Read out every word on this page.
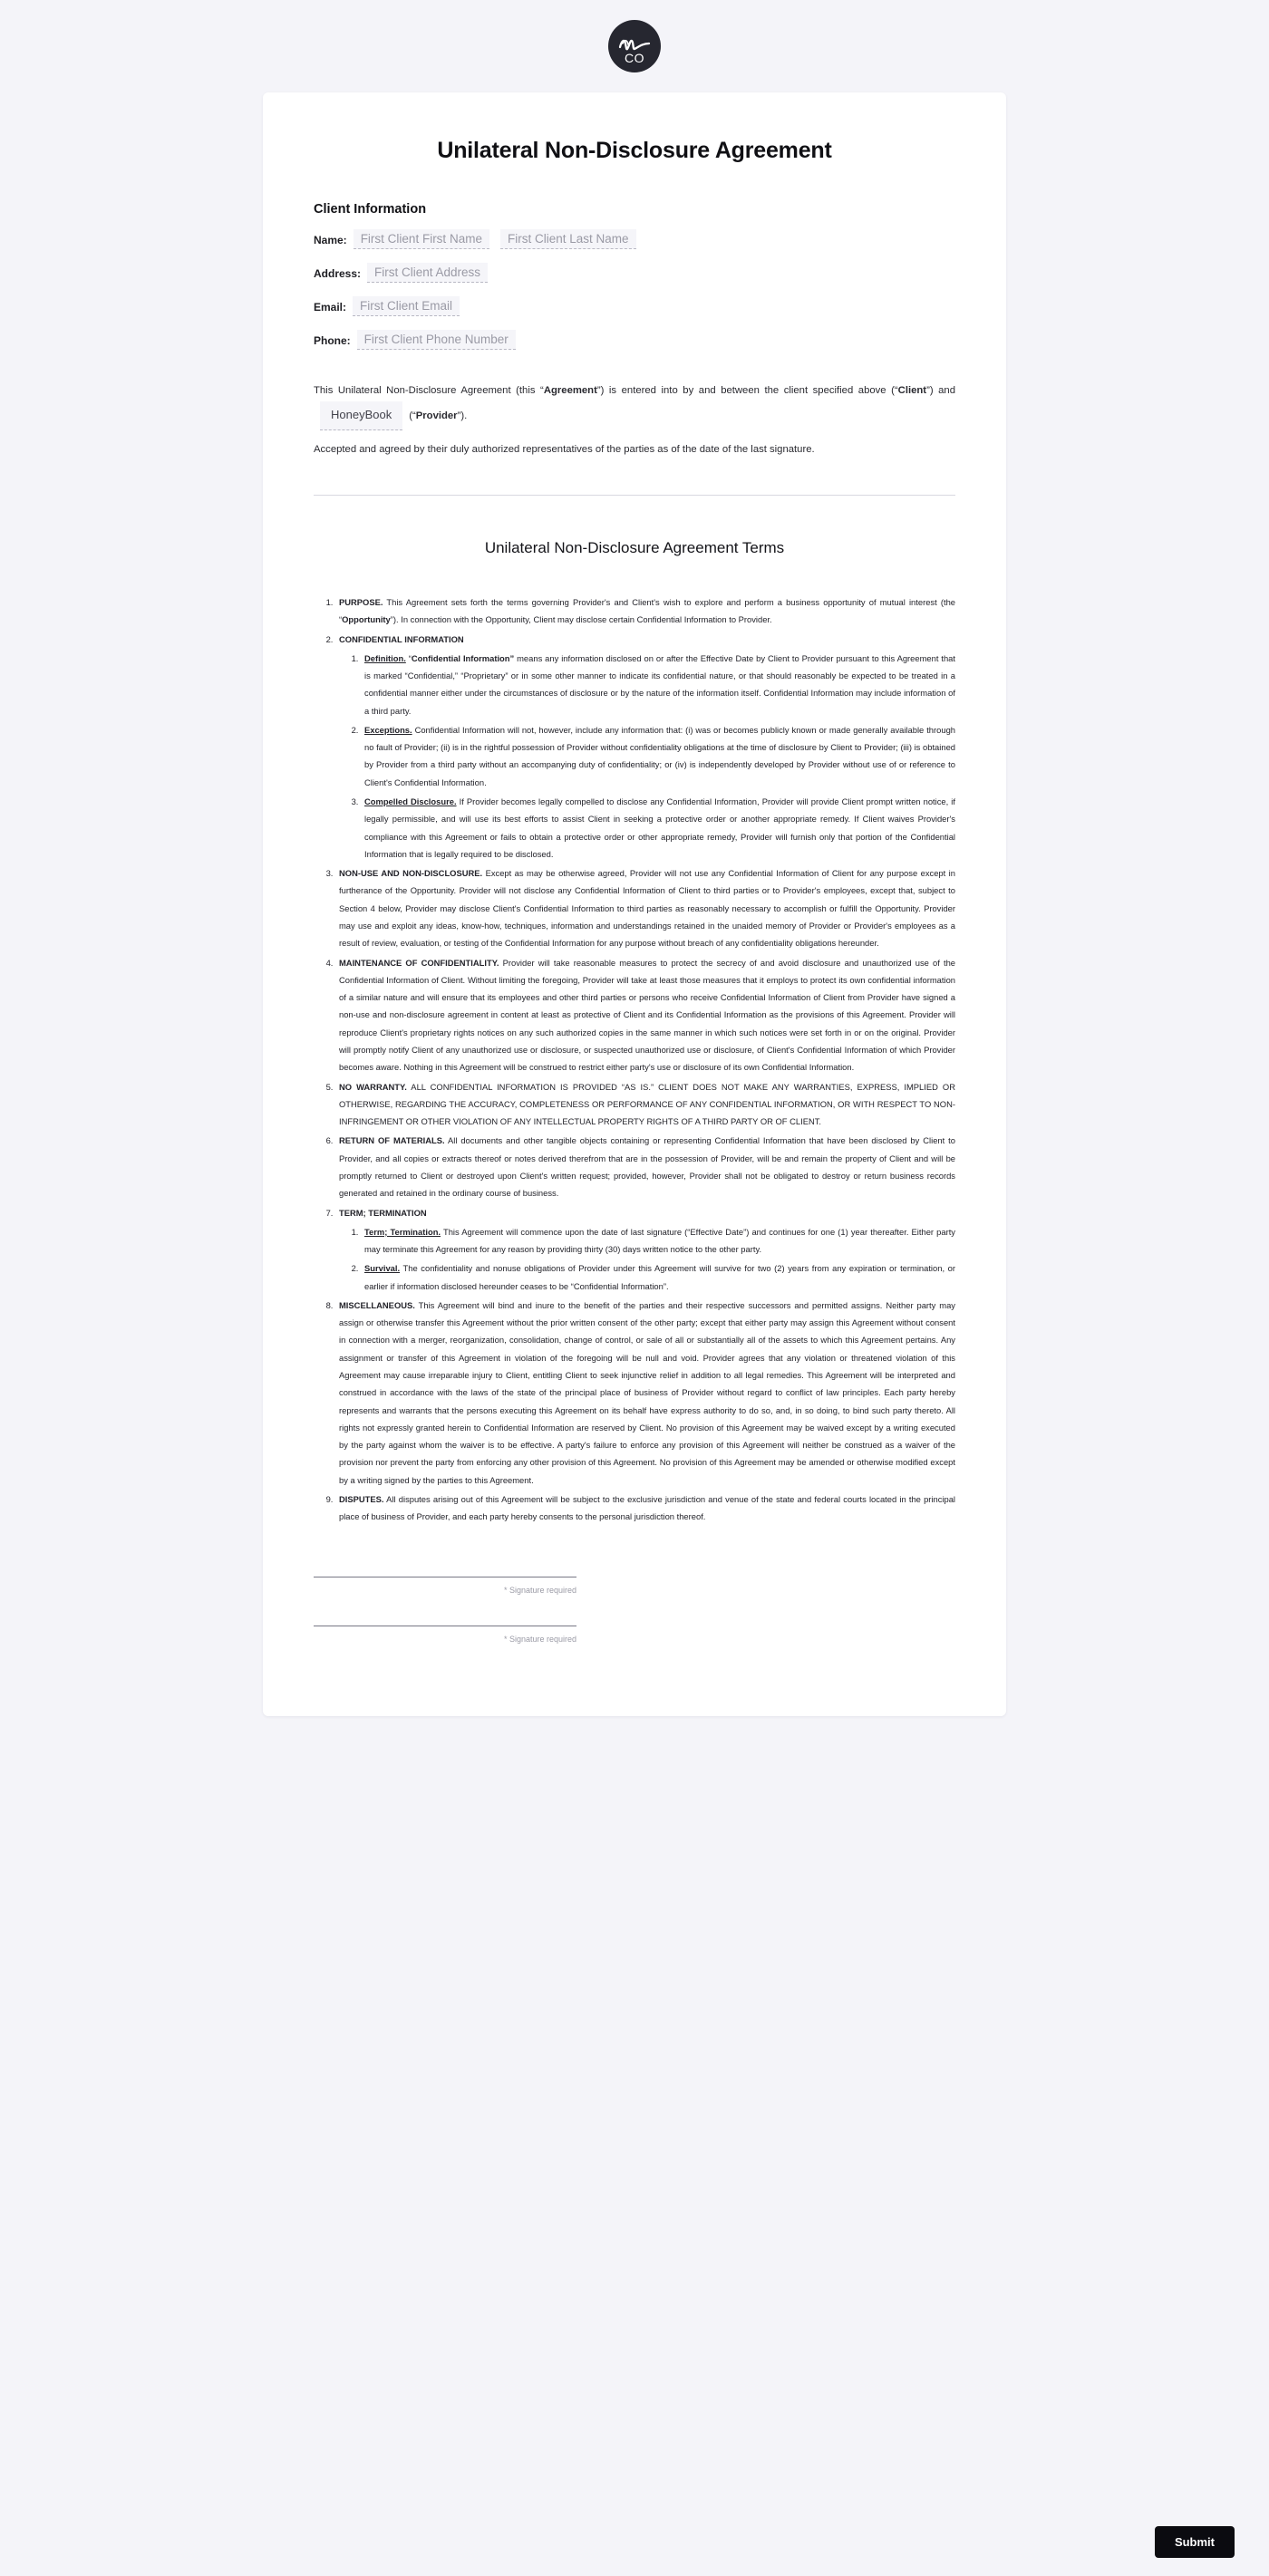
CO
Unilateral Non-Disclosure Agreement
Client Information
Name:	First Client First Name	First Client Last Name
Address:	First Client Address
Email:	First Client Email
Phone:	First Client Phone Number

This Unilateral Non-Disclosure Agreement (this “Agreement”) is entered into by and between the client specified above (“Client”) andHoneyBook (“Provider”).

Accepted and agreed by their duly authorized representatives of the parties as of the date of the last signature.

Unilateral Non-Disclosure Agreement Terms
1. PURPOSE. This Agreement sets forth the terms governing Provider's and Client's wish to explore and perform a business opportunity of mutual interest (the “Opportunity”). In connection with the Opportunity, Client may disclose certain Confidential Information to Provider.
2. CONFIDENTIAL INFORMATION
1. Definition. “Confidential Information” means any information disclosed on or after the Effective Date by Client to Provider pursuant to this Agreement that is marked “Confidential,” “Proprietary” or in some other manner to indicate its confidential nature, or that should reasonably be expected to be treated in a confidential manner either under the circumstances of disclosure or by the nature of the information itself. Confidential Information may include information of a third party.
2. Exceptions. Confidential Information will not, however, include any information that: (i) was or becomes publicly known or made generally available through no fault of Provider; (ii) is in the rightful possession of Provider without confidentiality obligations at the time of disclosure by Client to Provider; (iii) is obtained by Provider from a third party without an accompanying duty of confidentiality; or (iv) is independently developed by Provider without use of or reference to Client's Confidential Information.
3. Compelled Disclosure. If Provider becomes legally compelled to disclose any Confidential Information, Provider will provide Client prompt written notice, if legally permissible, and will use its best efforts to assist Client in seeking a protective order or another appropriate remedy. If Client waives Provider's compliance with this Agreement or fails to obtain a protective order or other appropriate remedy, Provider will furnish only that portion of the Confidential Information that is legally required to be disclosed.
3. NON-USE AND NON-DISCLOSURE. Except as may be otherwise agreed, Provider will not use any Confidential Information of Client for any purpose except in furtherance of the Opportunity. Provider will not disclose any Confidential Information of Client to third parties or to Provider's employees, except that, subject to Section 4 below, Provider may disclose Client's Confidential Information to third parties as reasonably necessary to accomplish or fulfill the Opportunity. Provider may use and exploit any ideas, know-how, techniques, information and understandings retained in the unaided memory of Provider or Provider's employees as a result of review, evaluation, or testing of the Confidential Information for any purpose without breach of any confidentiality obligations hereunder.
4. MAINTENANCE OF CONFIDENTIALITY. Provider will take reasonable measures to protect the secrecy of and avoid disclosure and unauthorized use of the Confidential Information of Client. Without limiting the foregoing, Provider will take at least those measures that it employs to protect its own confidential information of a similar nature and will ensure that its employees and other third parties or persons who receive Confidential Information of Client from Provider have signed a non-use and non-disclosure agreement in content at least as protective of Client and its Confidential Information as the provisions of this Agreement. Provider will reproduce Client's proprietary rights notices on any such authorized copies in the same manner in which such notices were set forth in or on the original. Provider will promptly notify Client of any unauthorized use or disclosure, or suspected unauthorized use or disclosure, of Client's Confidential Information of which Provider becomes aware. Nothing in this Agreement will be construed to restrict either party's use or disclosure of its own Confidential Information.
5. NO WARRANTY. ALL CONFIDENTIAL INFORMATION IS PROVIDED “AS IS.” CLIENT DOES NOT MAKE ANY WARRANTIES, EXPRESS, IMPLIED OR OTHERWISE, REGARDING THE ACCURACY, COMPLETENESS OR PERFORMANCE OF ANY CONFIDENTIAL INFORMATION, OR WITH RESPECT TO NON-INFRINGEMENT OR OTHER VIOLATION OF ANY INTELLECTUAL PROPERTY RIGHTS OF A THIRD PARTY OR OF CLIENT.
6. RETURN OF MATERIALS. All documents and other tangible objects containing or representing Confidential Information that have been disclosed by Client to Provider, and all copies or extracts thereof or notes derived therefrom that are in the possession of Provider, will be and remain the property of Client and will be promptly returned to Client or destroyed upon Client's written request; provided, however, Provider shall not be obligated to destroy or return business records generated and retained in the ordinary course of business.
7. TERM; TERMINATION
1. Term; Termination. This Agreement will commence upon the date of last signature (“Effective Date”) and continues for one (1) year thereafter. Either party may terminate this Agreement for any reason by providing thirty (30) days written notice to the other party.
2. Survival. The confidentiality and nonuse obligations of Provider under this Agreement will survive for two (2) years from any expiration or termination, or earlier if information disclosed hereunder ceases to be “Confidential Information”.
8. MISCELLANEOUS. This Agreement will bind and inure to the benefit of the parties and their respective successors and permitted assigns. Neither party may assign or otherwise transfer this Agreement without the prior written consent of the other party; except that either party may assign this Agreement without consent in connection with a merger, reorganization, consolidation, change of control, or sale of all or substantially all of the assets to which this Agreement pertains. Any assignment or transfer of this Agreement in violation of the foregoing will be null and void. Provider agrees that any violation or threatened violation of this Agreement may cause irreparable injury to Client, entitling Client to seek injunctive relief in addition to all legal remedies. This Agreement will be interpreted and construed in accordance with the laws of the state of the principal place of business of Provider without regard to conflict of law principles. Each party hereby represents and warrants that the persons executing this Agreement on its behalf have express authority to do so, and, in so doing, to bind such party thereto. All rights not expressly granted herein to Confidential Information are reserved by Client. No provision of this Agreement may be waived except by a writing executed by the party against whom the waiver is to be effective. A party's failure to enforce any provision of this Agreement will neither be construed as a waiver of the provision nor prevent the party from enforcing any other provision of this Agreement. No provision of this Agreement may be amended or otherwise modified except by a writing signed by the parties to this Agreement.
9. DISPUTES. All disputes arising out of this Agreement will be subject to the exclusive jurisdiction and venue of the state and federal courts located in the principal place of business of Provider, and each party hereby consents to the personal jurisdiction thereof.
* Signature required
* Signature required
Submit
